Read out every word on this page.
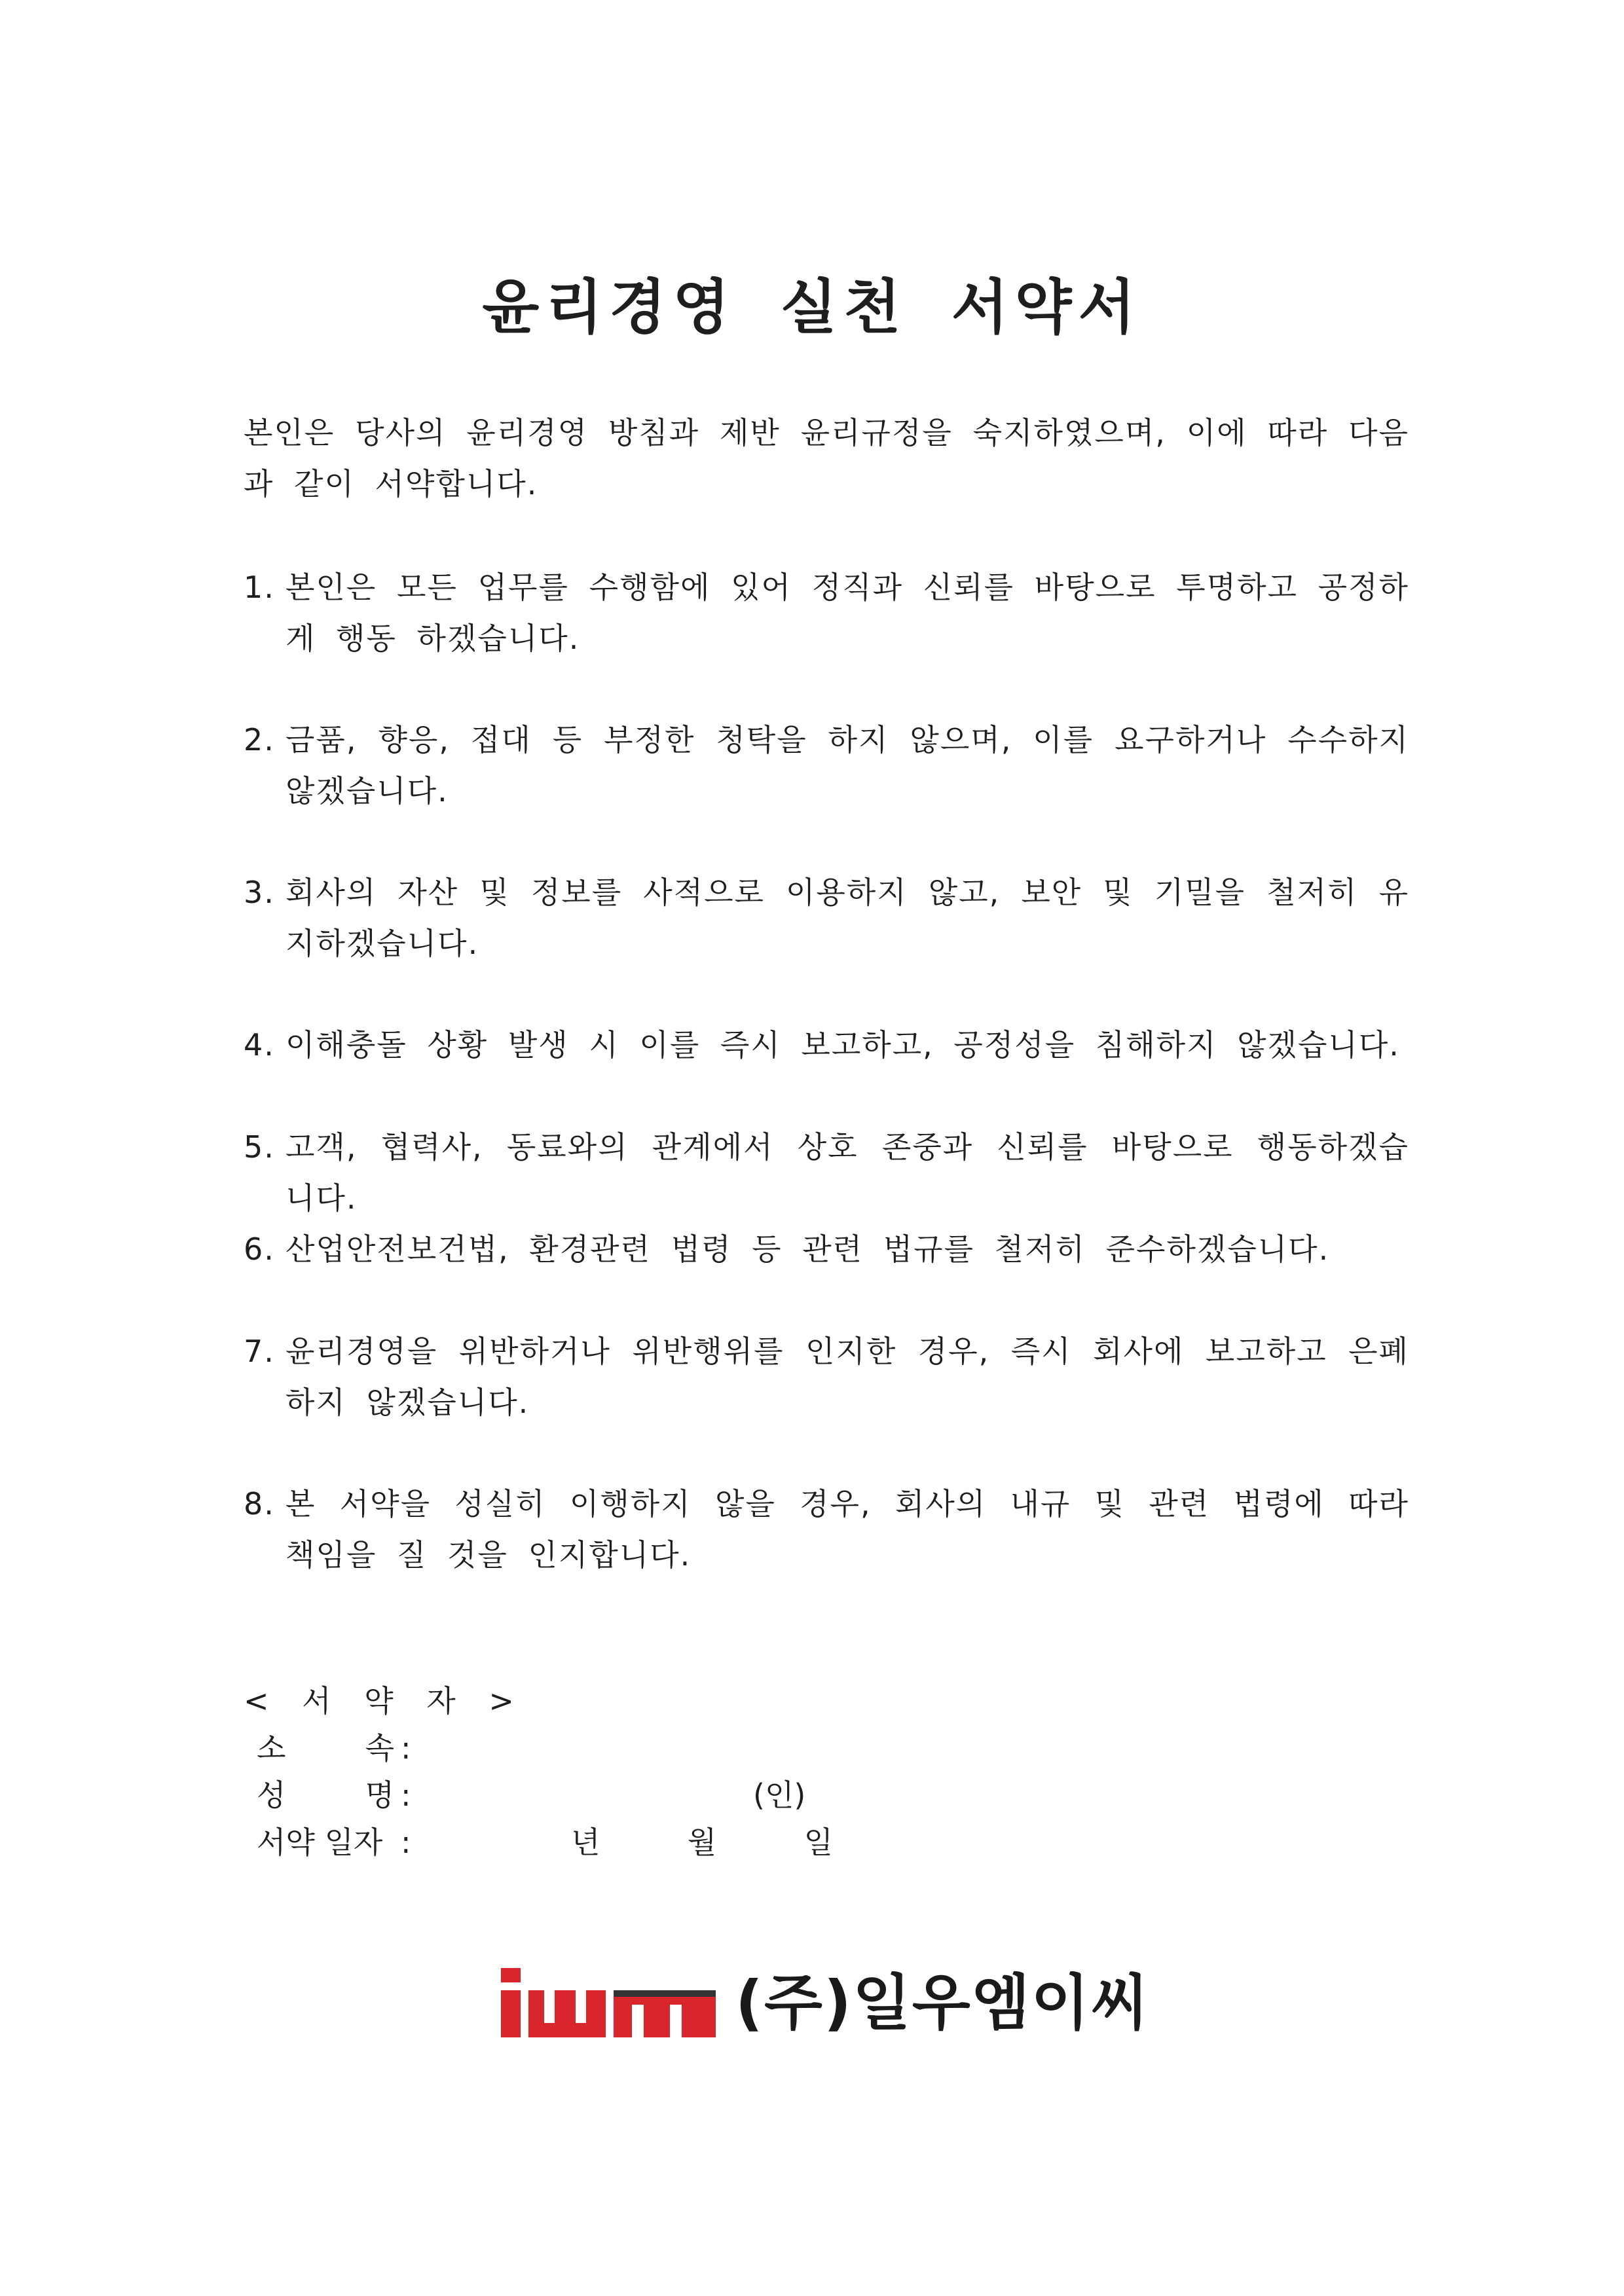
윤리경영 실천 서약서

본인은 당사의 윤리경영 방침과 제반 윤리규정을 숙지하였으며, 이에 따라 다음과 같이 서약합니다.

1. 본인은 모든 업무를 수행함에 있어 정직과 신뢰를 바탕으로 투명하고 공정하게 행동 하겠습니다.
2. 금품, 향응, 접대 등 부정한 청탁을 하지 않으며, 이를 요구하거나 수수하지 않겠습니다.
3. 회사의 자산 및 정보를 사적으로 이용하지 않고, 보안 및 기밀을 철저히 유지하겠습니다.
4. 이해충돌 상황 발생 시 이를 즉시 보고하고, 공정성을 침해하지 않겠습니다.
5. 고객, 협력사, 동료와의 관계에서 상호 존중과 신뢰를 바탕으로 행동하겠습니다.
6. 산업안전보건법, 환경관련 법령 등 관련 법규를 철저히 준수하겠습니다.
7. 윤리경영을 위반하거나 위반행위를 인지한 경우, 즉시 회사에 보고하고 은폐하지 않겠습니다.
8. 본 서약을 성실히 이행하지 않을 경우, 회사의 내규 및 관련 법령에 따라 책임을 질 것을 인지합니다.
< 서 약 자 >
소	속 :
성	명 :	(인)
서약 일자 :	년	월	일
(주)일우엠이씨
